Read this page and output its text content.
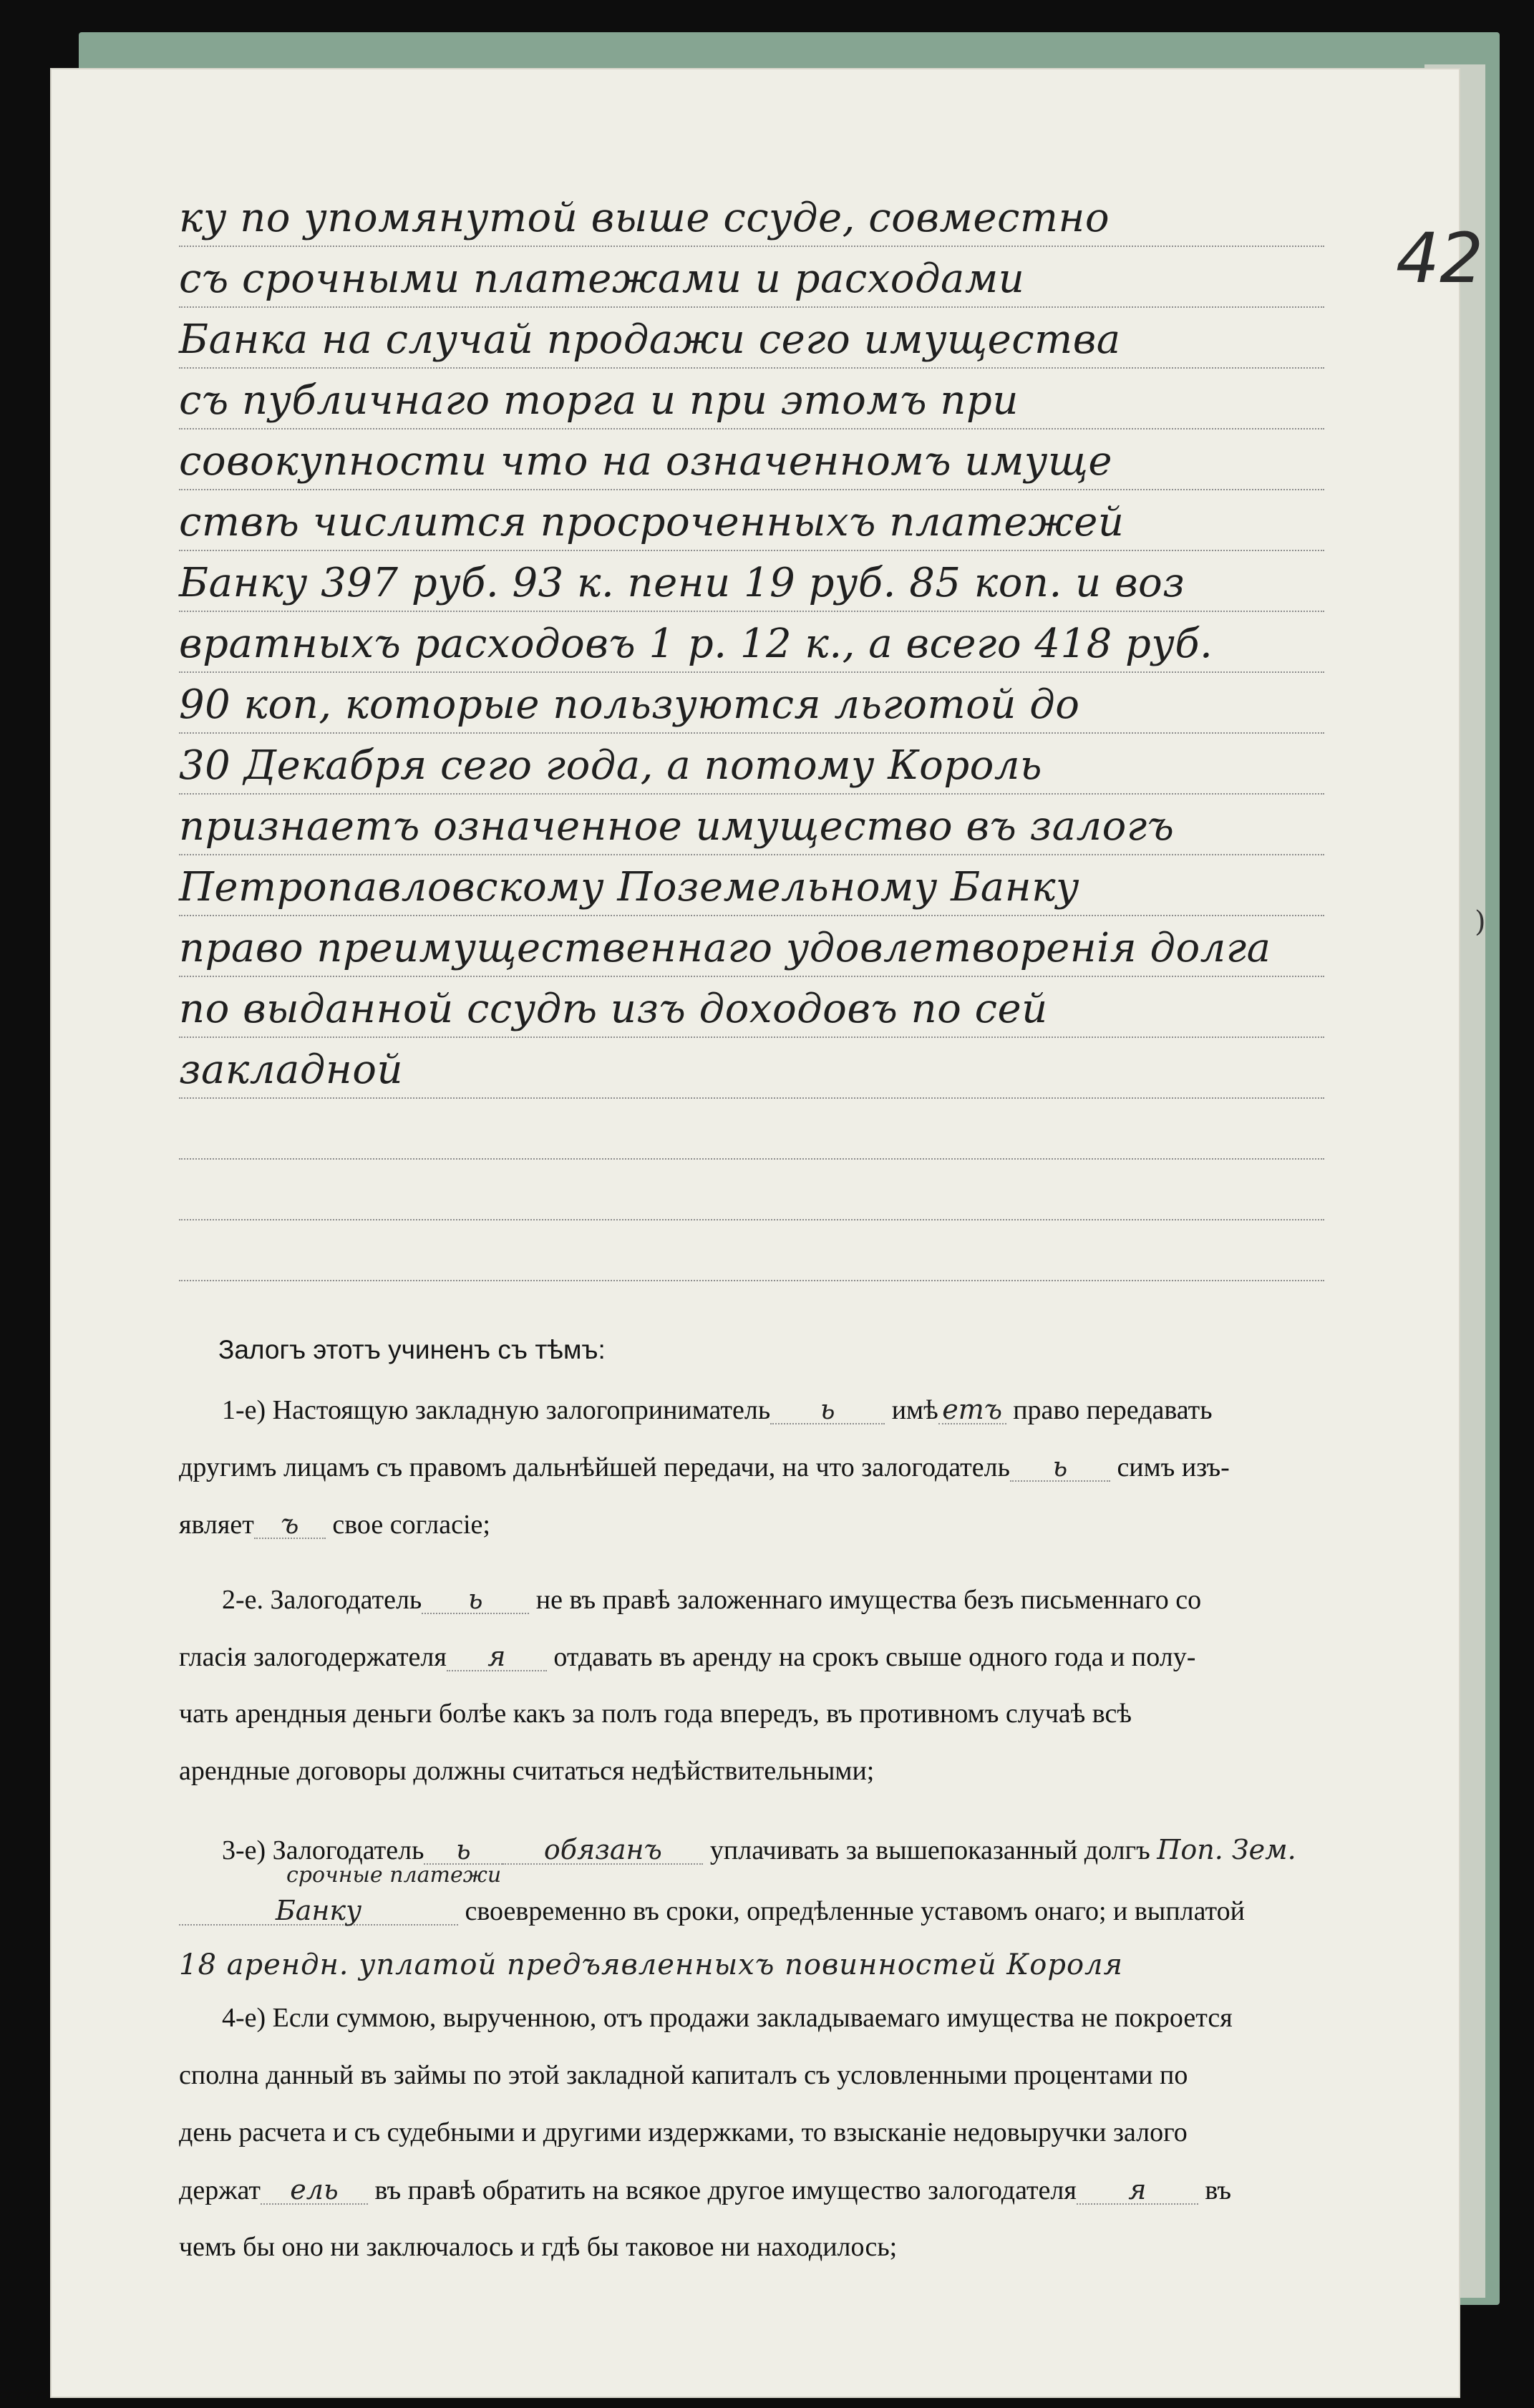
42
)
ку по упомянутой выше ссуде, совместно
съ срочными платежами и расходами
Банка на случай продажи сего имущества
съ публичнаго торга и при этомъ при
совокупности что на означенномъ имуще
ствѣ числится просроченныхъ платежей
Банку 397 руб. 93 к. пени 19 руб. 85 коп. и воз
вратныхъ расходовъ 1 р. 12 к., а всего 418 руб.
90 коп, которые пользуются льготой до
30 Декабря сего года, а потому Король
признаетъ означенное имущество въ залогъ
Петропавловскому Поземельному Банку
право преимущественнаго удовлетворенія долга
по выданной ссудѣ изъ доходовъ по сей
закладной
Залогъ этотъ учиненъ съ тѣмъ:
1-е) Настоящую закладную залогоприниматель ь имѣ етъ право передавать
другимъ лицамъ съ правомъ дальнѣйшей передачи, на что залогодатель ь симъ изъ-
являет ъ свое согласіе;
2-е. Залогодатель ь не въ правѣ заложеннаго имущества безъ письменнаго со
гласія залогодержателя я отдавать въ аренду на срокъ свыше одного года и полу-
чать арендныя деньги болѣе какъ за полъ года впередъ, въ противномъ случаѣ всѣ
арендные договоры должны считаться недѣйствительными;
3-е) Залогодатель ь	обязанъ уплачивать за вышепоказанный долгъ Поп. Зем.
срочные платежи
Банку	своевременно въ сроки, опредѣленные уставомъ онаго; и выплатой
18 арендн. уплатой предъявленныхъ повинностей Короля
4-е) Если суммою, вырученною, отъ продажи закладываемаго имущества не покроется
сполна данный въ займы по этой закладной капиталъ съ условленными процентами по
день расчета и съ судебными и другими издержками, то взысканіе недовыручки залого
держат ель въ правѣ обратить на всякое другое имущество залогодателя я въ
чемъ бы оно ни заключалось и гдѣ бы таковое ни находилось;
